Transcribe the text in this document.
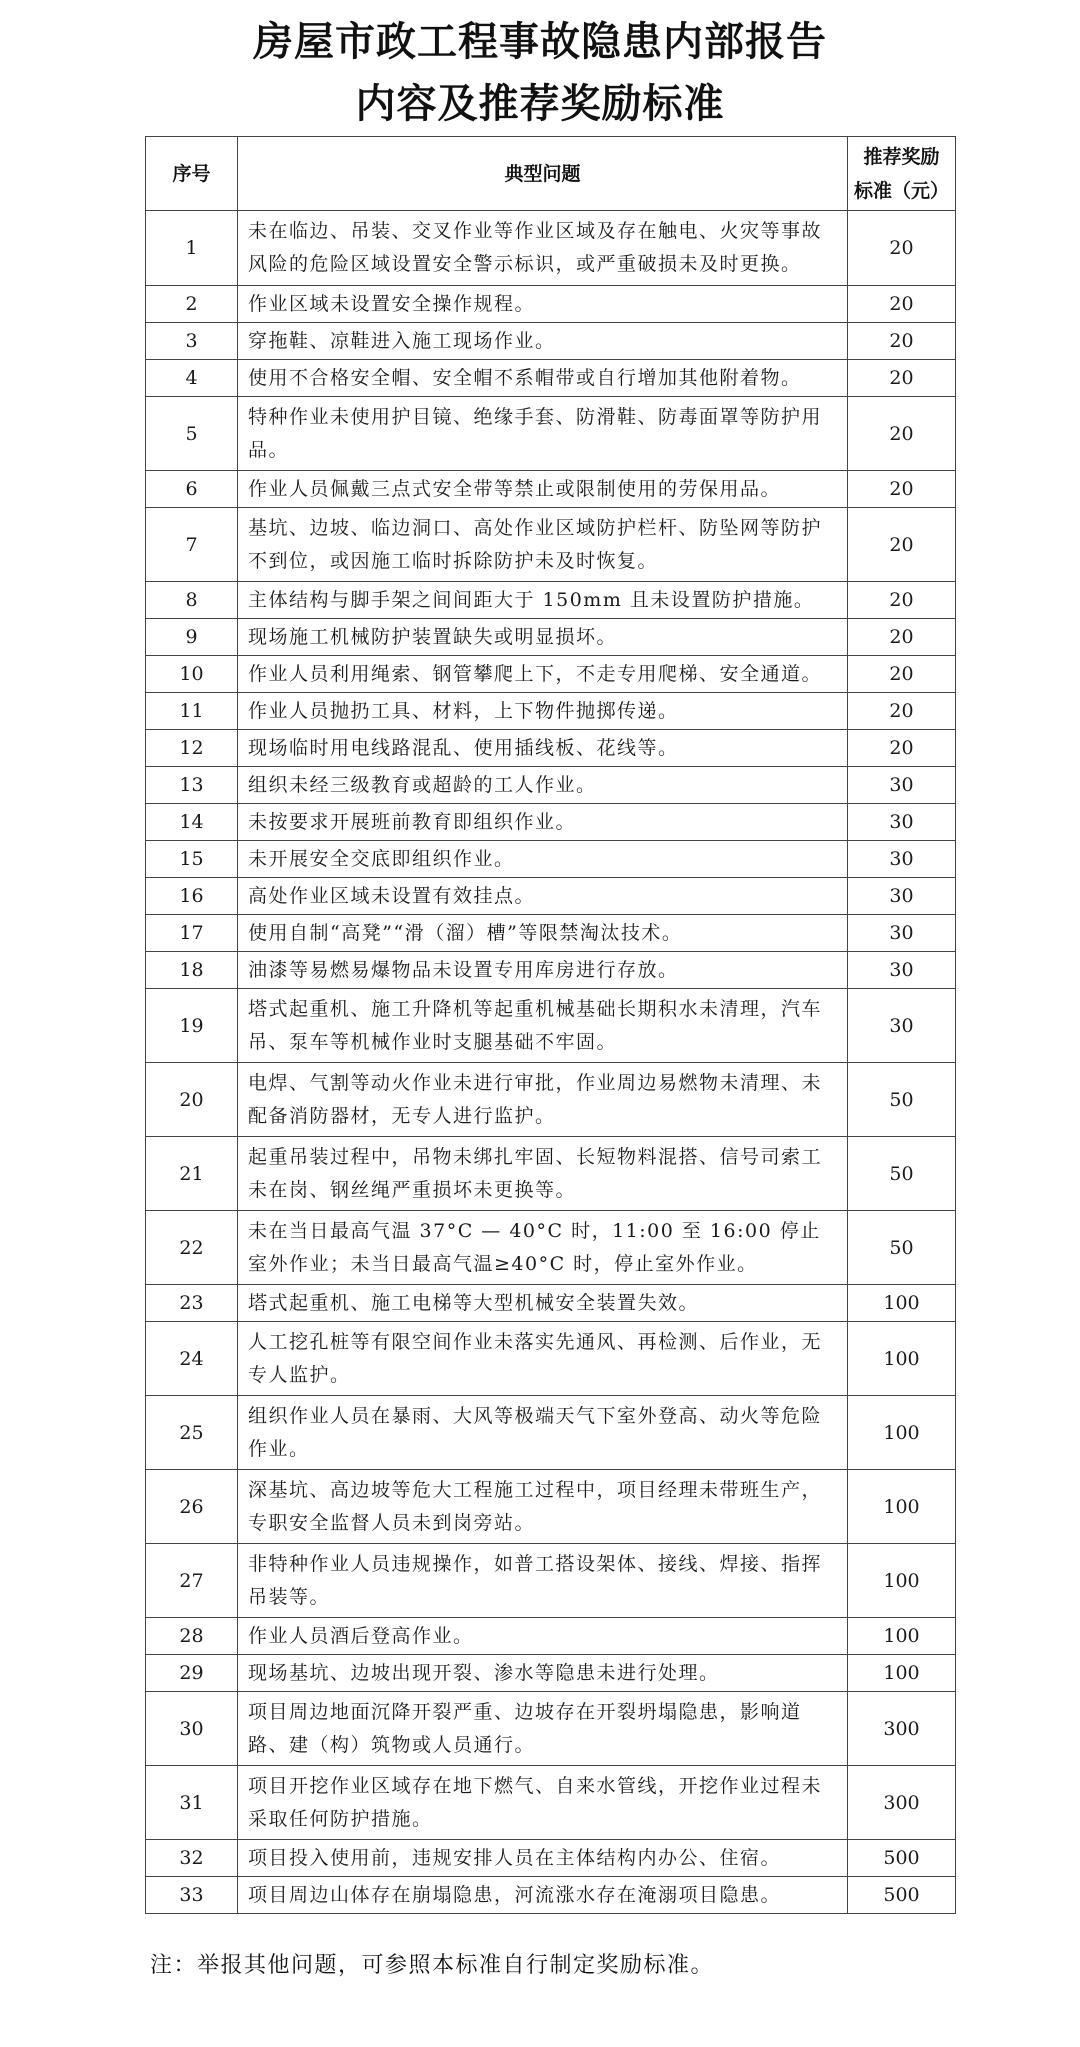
房屋市政工程事故隐患内部报告
内容及推荐奖励标准
序号	典型问题	推荐奖励
标准（元）

1	未在临边、吊装、交叉作业等作业区域及存在触电、火灾等事故风险的危险区域设置安全警示标识，或严重破损未及时更换。	20
2	作业区域未设置安全操作规程。	20
3	穿拖鞋、凉鞋进入施工现场作业。	20
4	使用不合格安全帽、安全帽不系帽带或自行增加其他附着物。	20
5	特种作业未使用护目镜、绝缘手套、防滑鞋、防毒面罩等防护用品。	20
6	作业人员佩戴三点式安全带等禁止或限制使用的劳保用品。	20
7	基坑、边坡、临边洞口、高处作业区域防护栏杆、防坠网等防护不到位，或因施工临时拆除防护未及时恢复。	20
8	主体结构与脚手架之间间距大于 150mm 且未设置防护措施。	20
9	现场施工机械防护装置缺失或明显损坏。	20
10	作业人员利用绳索、钢管攀爬上下，不走专用爬梯、安全通道。	20
11	作业人员抛扔工具、材料，上下物件抛掷传递。	20
12	现场临时用电线路混乱、使用插线板、花线等。	20
13	组织未经三级教育或超龄的工人作业。	30
14	未按要求开展班前教育即组织作业。	30
15	未开展安全交底即组织作业。	30
16	高处作业区域未设置有效挂点。	30
17	使用自制“高凳”“滑（溜）槽”等限禁淘汰技术。	30
18	油漆等易燃易爆物品未设置专用库房进行存放。	30
19	塔式起重机、施工升降机等起重机械基础长期积水未清理，汽车吊、泵车等机械作业时支腿基础不牢固。	30
20	电焊、气割等动火作业未进行审批，作业周边易燃物未清理、未配备消防器材，无专人进行监护。	50
21	起重吊装过程中，吊物未绑扎牢固、长短物料混搭、信号司索工未在岗、钢丝绳严重损坏未更换等。	50
22	未在当日最高气温 37°C — 40°C 时，11:00 至 16:00 停止室外作业；未当日最高气温≥40°C 时，停止室外作业。	50
23	塔式起重机、施工电梯等大型机械安全装置失效。	100
24	人工挖孔桩等有限空间作业未落实先通风、再检测、后作业，无专人监护。	100
25	组织作业人员在暴雨、大风等极端天气下室外登高、动火等危险作业。	100
26	深基坑、高边坡等危大工程施工过程中，项目经理未带班生产，专职安全监督人员未到岗旁站。	100
27	非特种作业人员违规操作，如普工搭设架体、接线、焊接、指挥吊装等。	100
28	作业人员酒后登高作业。	100
29	现场基坑、边坡出现开裂、渗水等隐患未进行处理。	100
30	项目周边地面沉降开裂严重、边坡存在开裂坍塌隐患，影响道路、建（构）筑物或人员通行。	300
31	项目开挖作业区域存在地下燃气、自来水管线，开挖作业过程未采取任何防护措施。	300
32	项目投入使用前，违规安排人员在主体结构内办公、住宿。	500
33	项目周边山体存在崩塌隐患，河流涨水存在淹溺项目隐患。	500
注：举报其他问题，可参照本标准自行制定奖励标准。
